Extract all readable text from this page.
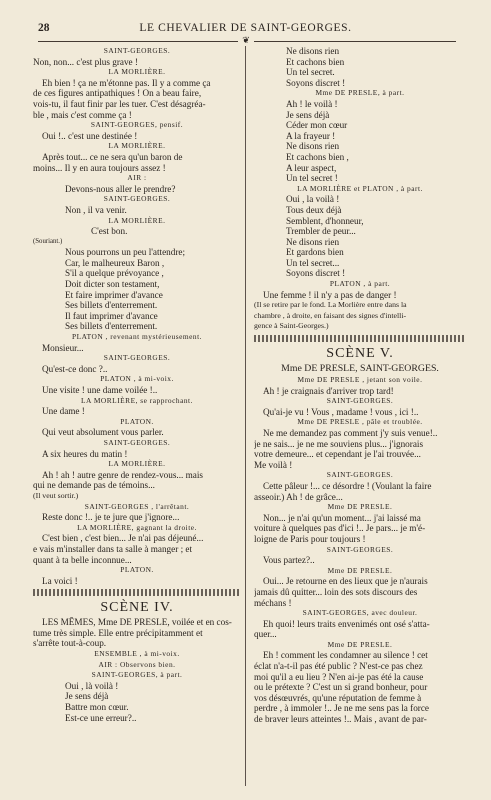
28	LE CHEVALIER DE SAINT-GEORGES.
❦
SAINT-GEORGES.
Non, non... c'est plus grave !
LA MORLIÈRE.
Eh bien ! ça ne m'étonne pas. Il y a comme ça
de ces figures antipathiques ! On a beau faire,
vois-tu, il faut finir par les tuer. C'est désagréa-
ble , mais c'est comme ça !
SAINT-GEORGES, pensif.
Oui !.. c'est une destinée !
LA MORLIÈRE.
Après tout... ce ne sera qu'un baron de
moins... Il y en aura toujours assez !
AIR :
Devons-nous aller le prendre?
SAINT-GEORGES.
Non , il va venir.
LA MORLIÈRE.
C'est bon.
(Souriant.)
Nous pourrons un peu l'attendre;
Car, le malheureux Baron ,
S'il a quelque prévoyance ,
Doit dicter son testament,
Et faire imprimer d'avance
Ses billets d'enterrement.
Il faut imprimer d'avance
Ses billets d'enterrement.
PLATON , revenant mystérieusement.
Monsieur...
SAINT-GEORGES.
Qu'est-ce donc ?..
PLATON , à mi-voix.
Une visite ! une dame voilée !..
LA MORLIÈRE, se rapprochant.
Une dame !
PLATON.
Qui veut absolument vous parler.
SAINT-GEORGES.
A six heures du matin !
LA MORLIÈRE.
Ah ! ah ! autre genre de rendez-vous... mais
qui ne demande pas de témoins...
(Il veut sortir.)
SAINT-GEORGES , l'arrêtant.
Reste donc !.. je te jure que j'ignore...
LA MORLIÈRE, gagnant la droite.
C'est bien , c'est bien... Je n'ai pas déjeuné...
e vais m'installer dans ta salle à manger ; et
quant à ta belle inconnue...
PLATON.
La voici !
SCÈNE IV.
LES MÊMES, Mme DE PRESLE, voilée et en cos-
tume très simple. Elle entre précipitamment et
s'arrête tout-à-coup.
ENSEMBLE , à mi-voix.
AIR : Observons bien.
SAINT-GEORGES, à part.
Oui , là voilà !
Je sens déjà
Battre mon cœur.
Est-ce une erreur?..
Ne disons rien
Et cachons bien
Un tel secret.
Soyons discret !
Mme DE PRESLE, à part.
Ah ! le voilà !
Je sens déjà
Céder mon cœur
A la frayeur !
Ne disons rien
Et cachons bien ,
A leur aspect,
Un tel secret !
LA MORLIÈRE et PLATON , à part.
Oui , la voilà !
Tous deux déjà
Semblent, d'honneur,
Trembler de peur...
Ne disons rien
Et gardons bien
Un tel secret...
Soyons discret !
PLATON , à part.
Une femme ! il n'y a pas de danger !
(Il se retire par le fond. La Morlière entre dans la
chambre , à droite, en faisant des signes d'intelli-
gence à Saint-Georges.)
SCÈNE V.
Mme DE PRESLE, SAINT-GEORGES.
Mme DE PRESLE , jetant son voile.
Ah ! je craignais d'arriver trop tard!
SAINT-GEORGES.
Qu'ai-je vu ! Vous , madame ! vous , ici !..
Mme DE PRESLE , pâle et troublée.
Ne me demandez pas comment j'y suis venue!..
je ne sais... je ne me souviens plus... j'ignorais
votre demeure... et cependant je l'ai trouvée...
Me voilà !
SAINT-GEORGES.
Cette pâleur !... ce désordre ! (Voulant la faire
asseoir.) Ah ! de grâce...
Mme DE PRESLE.
Non... je n'ai qu'un moment... j'ai laissé ma
voiture à quelques pas d'ici !.. Je pars... je m'é-
loigne de Paris pour toujours !
SAINT-GEORGES.
Vous partez?..
Mme DE PRESLE.
Oui... Je retourne en des lieux que je n'aurais
jamais dû quitter... loin des sots discours des
méchans !
SAINT-GEORGES, avec douleur.
Eh quoi! leurs traits envenimés ont osé s'atta-
quer...
Mme DE PRESLE.
Eh ! comment les condamner au silence ! cet
éclat n'a-t-il pas été public ? N'est-ce pas chez
moi qu'il a eu lieu ? N'en ai-je pas été la cause
ou le prétexte ? C'est un si grand bonheur, pour
vos désœuvrés, qu'une réputation de femme à
perdre , à immoler !.. Je ne me sens pas la force
de braver leurs atteintes !.. Mais , avant de par-
